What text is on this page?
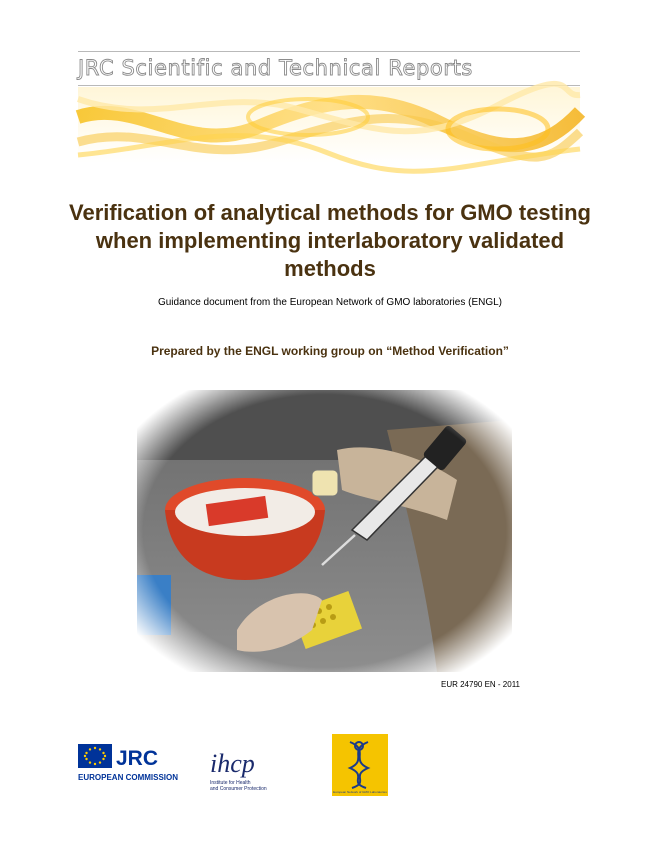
JRC Scientific and Technical Reports
Verification of analytical methods for GMO testing when implementing interlaboratory validated methods
Guidance document from the European Network of GMO laboratories (ENGL)
Prepared by the ENGL working group on “Method Verification”
EUR 24790 EN - 2011
JRC
EUROPEAN COMMISSION ihcp
Institute for Health
and Consumer Protection	European Network of GMO Laboratories
